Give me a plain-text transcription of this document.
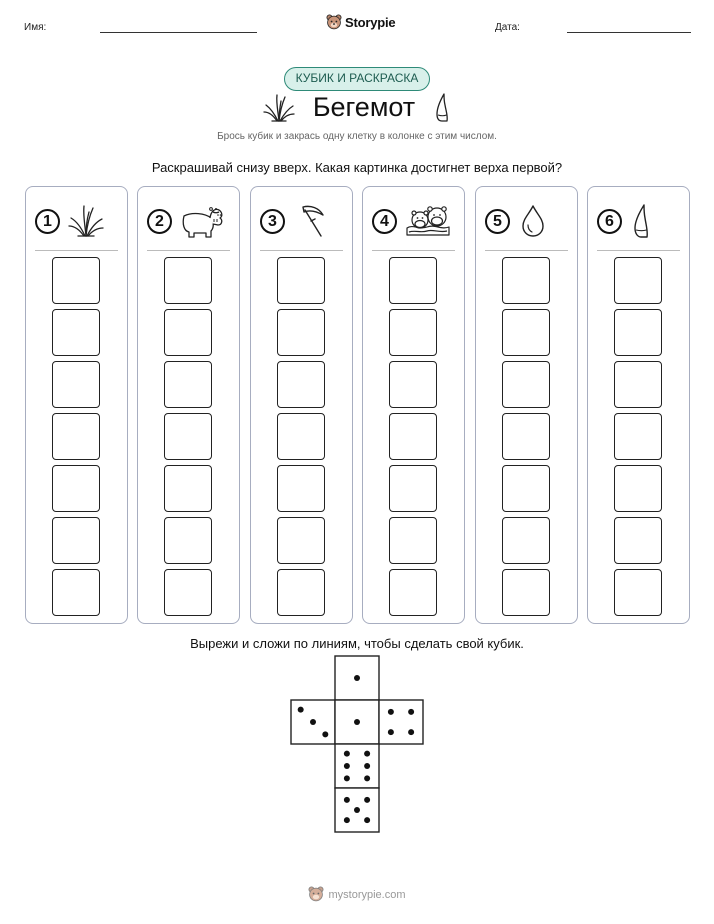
Имя:	Storypie	Дата:
КУБИК И РАСКРАСКА
Бегемот
Брось кубик и закрась одну клетку в колонке с этим числом.
Раскрашивай снизу вверх. Какая картинка достигнет верха первой?
1	2	3	4	5	6
Вырежи и сложи по линиям, чтобы сделать свой кубик.
mystorypie.com
